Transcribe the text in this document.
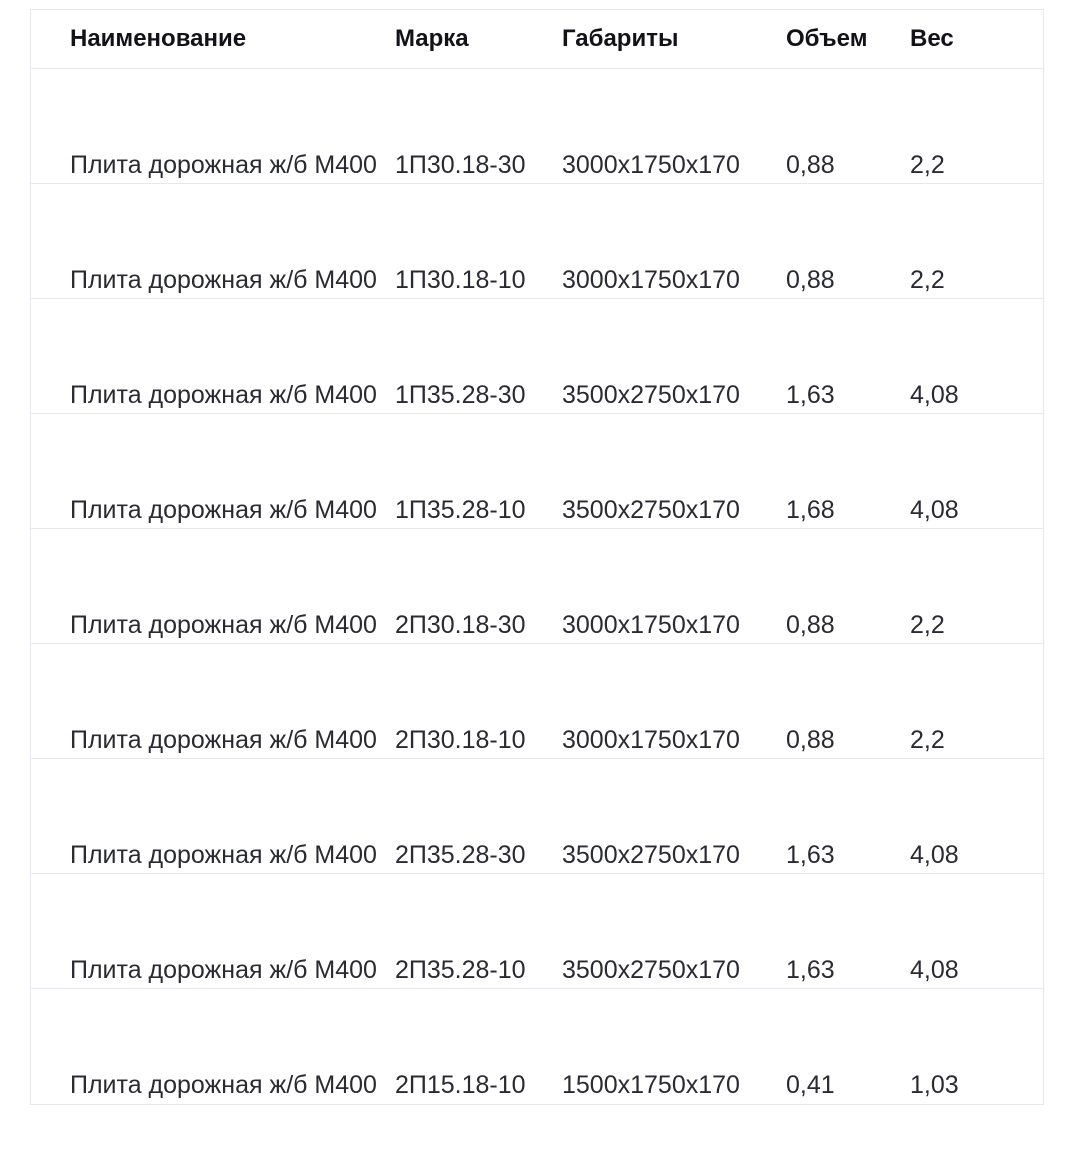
Наименование	Марка	Габариты	Объем	Вес
Плита дорожная ж/б М400 1П30.18-30	3000х1750х170	0,88	2,2
Плита дорожная ж/б М400 1П30.18-10	3000х1750х170	0,88	2,2
Плита дорожная ж/б М400 1П35.28-30	3500х2750х170	1,63	4,08
Плита дорожная ж/б М400 1П35.28-10	3500х2750х170	1,68	4,08
Плита дорожная ж/б М400 2П30.18-30	3000х1750х170	0,88	2,2
Плита дорожная ж/б М400 2П30.18-10	3000х1750х170	0,88	2,2
Плита дорожная ж/б М400 2П35.28-30	3500х2750х170	1,63	4,08
Плита дорожная ж/б М400 2П35.28-10	3500х2750х170	1,63	4,08
Плита дорожная ж/б М400 2П15.18-10	1500х1750х170	0,41	1,03
